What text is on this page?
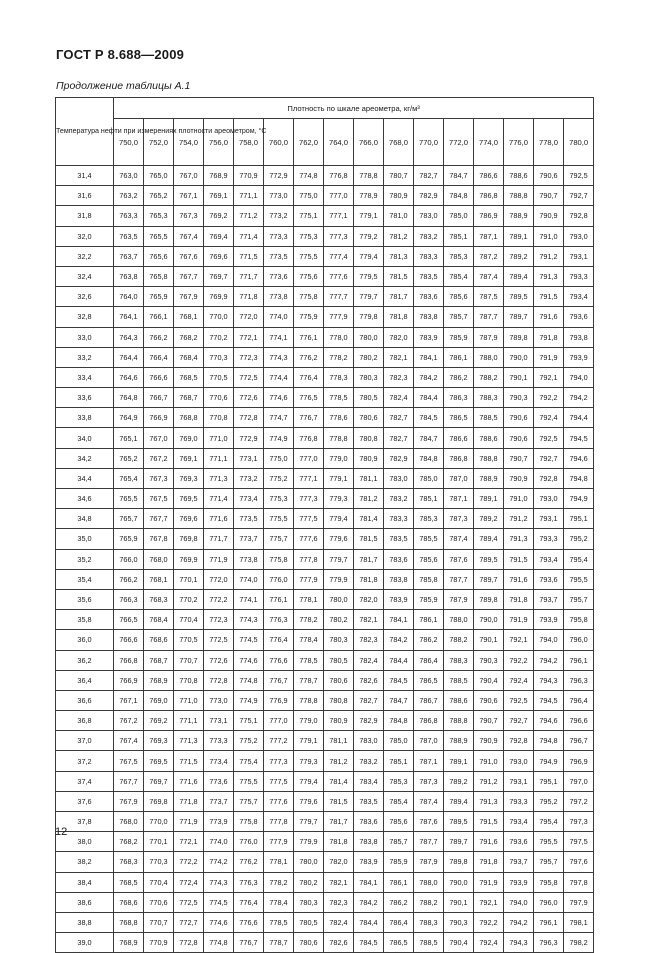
ГОСТ Р 8.688—2009
Продолжение таблицы А.1
Температура нефти при измерениях плотности ареометром, °С	Плотность по шкале ареометра, кг/м³															
	750,0	752,0	754,0	756,0	758,0	760,0	762,0	764,0	766,0	768,0	770,0	772,0	774,0	776,0	778,0	780,0
31,4	763,0	765,0	767,0	768,9	770,9	772,9	774,8	776,8	778,8	780,7	782,7	784,7	786,6	788,6	790,6	792,5
31,6	763,2	765,2	767,1	769,1	771,1	773,0	775,0	777,0	778,9	780,9	782,9	784,8	786,8	788,8	790,7	792,7
31,8	763,3	765,3	767,3	769,2	771,2	773,2	775,1	777,1	779,1	781,0	783,0	785,0	786,9	788,9	790,9	792,8
32,0	763,5	765,5	767,4	769,4	771,4	773,3	775,3	777,3	779,2	781,2	783,2	785,1	787,1	789,1	791,0	793,0
32,2	763,7	765,6	767,6	769,6	771,5	773,5	775,5	777,4	779,4	781,3	783,3	785,3	787,2	789,2	791,2	793,1
32,4	763,8	765,8	767,7	769,7	771,7	773,6	775,6	777,6	779,5	781,5	783,5	785,4	787,4	789,4	791,3	793,3
32,6	764,0	765,9	767,9	769,9	771,8	773,8	775,8	777,7	779,7	781,7	783,6	785,6	787,5	789,5	791,5	793,4
32,8	764,1	766,1	768,1	770,0	772,0	774,0	775,9	777,9	779,8	781,8	783,8	785,7	787,7	789,7	791,6	793,6
33,0	764,3	766,2	768,2	770,2	772,1	774,1	776,1	778,0	780,0	782,0	783,9	785,9	787,9	789,8	791,8	793,8
33,2	764,4	766,4	768,4	770,3	772,3	774,3	776,2	778,2	780,2	782,1	784,1	786,1	788,0	790,0	791,9	793,9
33,4	764,6	766,6	768,5	770,5	772,5	774,4	776,4	778,3	780,3	782,3	784,2	786,2	788,2	790,1	792,1	794,0
33,6	764,8	766,7	768,7	770,6	772,6	774,6	776,5	778,5	780,5	782,4	784,4	786,3	788,3	790,3	792,2	794,2
33,8	764,9	766,9	768,8	770,8	772,8	774,7	776,7	778,6	780,6	782,7	784,5	786,5	788,5	790,6	792,4	794,4
34,0	765,1	767,0	769,0	771,0	772,9	774,9	776,8	778,8	780,8	782,7	784,7	786,6	788,6	790,6	792,5	794,5
34,2	765,2	767,2	769,1	771,1	773,1	775,0	777,0	779,0	780,9	782,9	784,8	786,8	788,8	790,7	792,7	794,6
34,4	765,4	767,3	769,3	771,3	773,2	775,2	777,1	779,1	781,1	783,0	785,0	787,0	788,9	790,9	792,8	794,8
34,6	765,5	767,5	769,5	771,4	773,4	775,3	777,3	779,3	781,2	783,2	785,1	787,1	789,1	791,0	793,0	794,9
34,8	765,7	767,7	769,6	771,6	773,5	775,5	777,5	779,4	781,4	783,3	785,3	787,3	789,2	791,2	793,1	795,1
35,0	765,9	767,8	769,8	771,7	773,7	775,7	777,6	779,6	781,5	783,5	785,5	787,4	789,4	791,3	793,3	795,2
35,2	766,0	768,0	769,9	771,9	773,8	775,8	777,8	779,7	781,7	783,6	785,6	787,6	789,5	791,5	793,4	795,4
35,4	766,2	768,1	770,1	772,0	774,0	776,0	777,9	779,9	781,8	783,8	785,8	787,7	789,7	791,6	793,6	795,5
35,6	766,3	768,3	770,2	772,2	774,1	776,1	778,1	780,0	782,0	783,9	785,9	787,9	789,8	791,8	793,7	795,7
35,8	766,5	768,4	770,4	772,3	774,3	776,3	778,2	780,2	782,1	784,1	786,1	788,0	790,0	791,9	793,9	795,8
36,0	766,6	768,6	770,5	772,5	774,5	776,4	778,4	780,3	782,3	784,2	786,2	788,2	790,1	792,1	794,0	796,0
36,2	766,8	768,7	770,7	772,6	774,6	776,6	778,5	780,5	782,4	784,4	786,4	788,3	790,3	792,2	794,2	796,1
36,4	766,9	768,9	770,8	772,8	774,8	776,7	778,7	780,6	782,6	784,5	786,5	788,5	790,4	792,4	794,3	796,3
36,6	767,1	769,0	771,0	773,0	774,9	776,9	778,8	780,8	782,7	784,7	786,7	788,6	790,6	792,5	794,5	796,4
36,8	767,2	769,2	771,1	773,1	775,1	777,0	779,0	780,9	782,9	784,8	786,8	788,8	790,7	792,7	794,6	796,6
37,0	767,4	769,3	771,3	773,3	775,2	777,2	779,1	781,1	783,0	785,0	787,0	788,9	790,9	792,8	794,8	796,7
37,2	767,5	769,5	771,5	773,4	775,4	777,3	779,3	781,2	783,2	785,1	787,1	789,1	791,0	793,0	794,9	796,9
37,4	767,7	769,7	771,6	773,6	775,5	777,5	779,4	781,4	783,4	785,3	787,3	789,2	791,2	793,1	795,1	797,0
37,6	767,9	769,8	771,8	773,7	775,7	777,6	779,6	781,5	783,5	785,4	787,4	789,4	791,3	793,3	795,2	797,2
37,8	768,0	770,0	771,9	773,9	775,8	777,8	779,7	781,7	783,6	785,6	787,6	789,5	791,5	793,4	795,4	797,3
38,0	768,2	770,1	772,1	774,0	776,0	777,9	779,9	781,8	783,8	785,7	787,7	789,7	791,6	793,6	795,5	797,5
38,2	768,3	770,3	772,2	774,2	776,2	778,1	780,0	782,0	783,9	785,9	787,9	789,8	791,8	793,7	795,7	797,6
38,4	768,5	770,4	772,4	774,3	776,3	778,2	780,2	782,1	784,1	786,1	788,0	790,0	791,9	793,9	795,8	797,8
38,6	768,6	770,6	772,5	774,5	776,4	778,4	780,3	782,3	784,2	786,2	788,2	790,1	792,1	794,0	796,0	797,9
38,8	768,8	770,7	772,7	774,6	776,6	778,5	780,5	782,4	784,4	786,4	788,3	790,3	792,2	794,2	796,1	798,1
39,0	768,9	770,9	772,8	774,8	776,7	778,7	780,6	782,6	784,5	786,5	788,5	790,4	792,4	794,3	796,3	798,2
12
